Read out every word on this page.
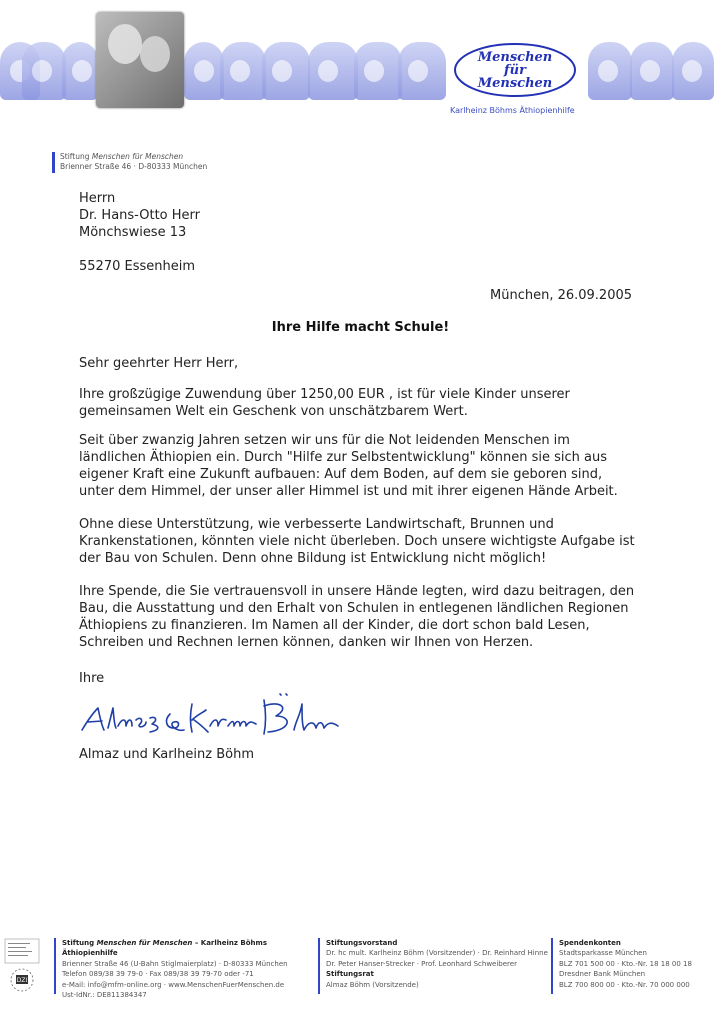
Menschen
für
Menschen
Karlheinz Böhms Äthiopienhilfe
Stiftung Menschen für Menschen
Brienner Straße 46 · D-80333 München
Herrn
Dr. Hans-Otto Herr
Mönchswiese 13
55270 Essenheim
München, 26.09.2005
Ihre Hilfe macht Schule!
Sehr geehrter Herr Herr,
Ihre großzügige Zuwendung über 1250,00 EUR , ist für viele Kinder unserer gemeinsamen Welt ein Geschenk von unschätzbarem Wert.
Seit über zwanzig Jahren setzen wir uns für die Not leidenden Menschen im ländlichen Äthiopien ein. Durch "Hilfe zur Selbstentwicklung" können sie sich aus eigener Kraft eine Zukunft aufbauen: Auf dem Boden, auf dem sie geboren sind, unter dem Himmel, der unser aller Himmel ist und mit ihrer eigenen Hände Arbeit.
Ohne diese Unterstützung, wie verbesserte Landwirtschaft, Brunnen und Krankenstationen, könnten viele nicht überleben. Doch unsere wichtigste Aufgabe ist der Bau von Schulen. Denn ohne Bildung ist Entwicklung nicht möglich!
Ihre Spende, die Sie vertrauensvoll in unsere Hände legten, wird dazu beitragen, den Bau, die Ausstattung und den Erhalt von Schulen in entlegenen ländlichen Regionen Äthiopiens zu finanzieren. Im Namen all der Kinder, die dort schon bald Lesen, Schreiben und Rechnen lernen können, danken wir Ihnen von Herzen.
Ihre
Almaz und Karlheinz Böhm
DZI
Stiftung Menschen für Menschen – Karlheinz Böhms Äthiopienhilfe
Brienner Straße 46 (U-Bahn Stiglmaierplatz) · D-80333 München
Telefon 089/38 39 79-0 · Fax 089/38 39 79-70 oder -71
e-Mail: info@mfm-online.org · www.MenschenFuerMenschen.de
Ust-IdNr.: DE811384347
Stiftungsvorstand
Dr. hc mult. Karlheinz Böhm (Vorsitzender) · Dr. Reinhard Hinne
Dr. Peter Hanser-Strecker · Prof. Leonhard Schweiberer
Stiftungsrat
Almaz Böhm (Vorsitzende)
Spendenkonten
Stadtsparkasse München
BLZ 701 500 00 · Kto.-Nr. 18 18 00 18
Dresdner Bank München
BLZ 700 800 00 · Kto.-Nr. 70 000 000
